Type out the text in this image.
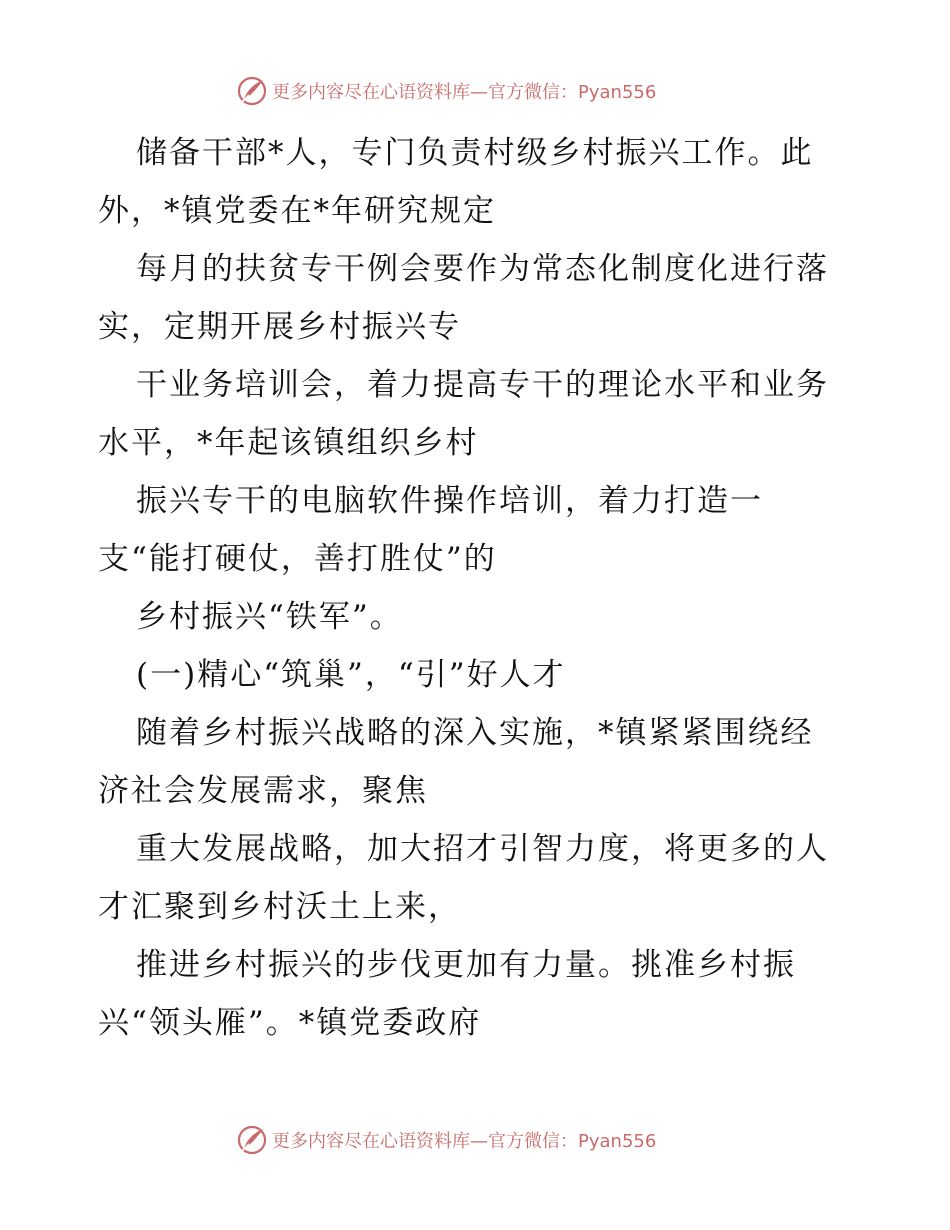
更多内容尽在心语资料库—官方微信：Pyan556
储备干部*人，专门负责村级乡村振兴工作。此
外，*镇党委在*年研究规定
每月的扶贫专干例会要作为常态化制度化进行落
实，定期开展乡村振兴专
干业务培训会，着力提高专干的理论水平和业务
水平，*年起该镇组织乡村
振兴专干的电脑软件操作培训，着力打造一
支“能打硬仗，善打胜仗”的
乡村振兴“铁军”。
(一)精心“筑巢”，“引”好人才
随着乡村振兴战略的深入实施，*镇紧紧围绕经
济社会发展需求，聚焦
重大发展战略，加大招才引智力度，将更多的人
才汇聚到乡村沃土上来，
推进乡村振兴的步伐更加有力量。挑准乡村振
兴“领头雁”。*镇党委政府
更多内容尽在心语资料库—官方微信：Pyan556
